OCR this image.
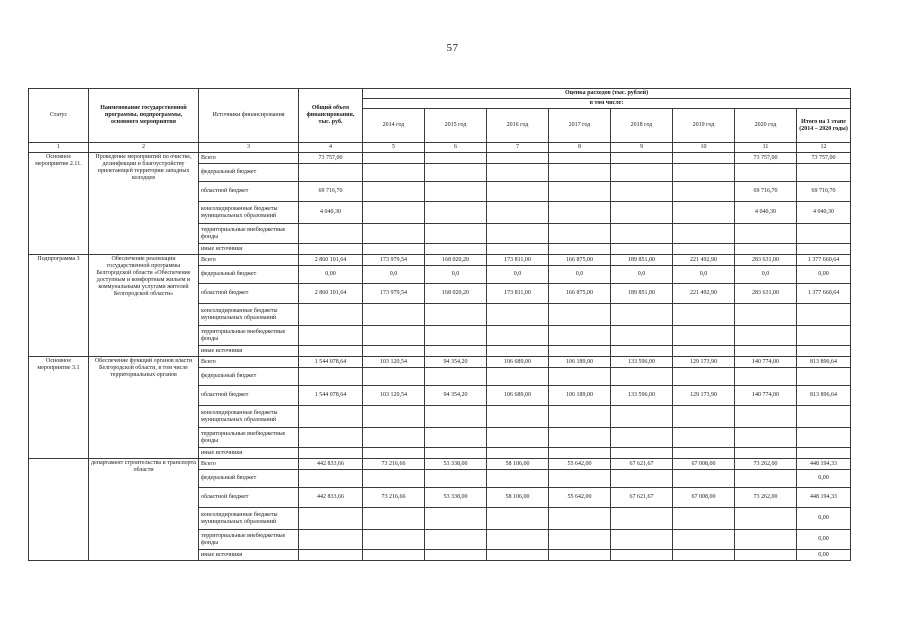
57
Статус	Наименование государственной программы, подпрограммы, основного мероприятия	Источники финансирования	Общий объем финансирования, тыс. руб.	Оценка расходов (тыс. рублей)							
				в том числе:							
				2014 год	2015 год	2016 год	2017 год	2018 год	2019 год	2020 год	Итого на 1 этапе (2014 – 2020 годы)
1	2	3	4	5	6	7	8	9	10	11	12
Основное мероприятие 2.11.	Проведение мероприятий по очистке, дезинфекции и благоустройству прилегающей территории западных колодцев	Всего	73 757,00							73 757,00	73 757,00
		федеральный бюджет									
		областной бюджет	69 716,70							69 716,70	69 716,70
		консолидированные бюджеты муниципальных образований	4 040,30							4 040,30	4 040,30
		территориальные внебюджетные фонды									
		иные источники									
Подпрограмма 3	Обеспечение реализации государственной программы Белгородской области «Обеспечение доступным и комфортным жильем и коммунальными услугами жителей Белгородской области»	Всего	2 860 101,64	173 979,54	168 020,20	173 811,00	166 875,00	189 851,00	221 492,90	283 631,00	1 377 660,64
		федеральный бюджет	0,00	0,0	0,0	0,0	0,0	0,0	0,0	0,0	0,00
		областной бюджет	2 860 101,64	173 979,54	168 020,20	173 811,00	166 875,00	189 851,00	221 492,90	283 631,00	1 377 660,64
		консолидированные бюджеты муниципальных образований									
		территориальные внебюджетные фонды									
		иные источники									
Основное мероприятие 3.1	Обеспечение функций органов власти Белгородской области, в том числе территориальных органов	Всего	1 544 078,64	103 120,54	94 354,20	106 689,00	106 189,00	133 596,00	129 173,90	140 774,00	813 896,64
		федеральный бюджет									
		областной бюджет	1 544 078,64	103 120,54	94 354,20	106 689,00	106 189,00	133 596,00	129 173,90	140 774,00	813 896,64
		консолидированные бюджеты муниципальных образований									
		территориальные внебюджетные фонды									
		иные источники									
	департамент строительства и транспорта области	Всего	442 833,66	73 216,66	53 338,00	58 106,00	55 642,00	67 621,67	67 008,00	73 262,00	448 194,33
		федеральный бюджет									0,00
		областной бюджет	442 833,66	73 216,66	53 338,00	58 106,00	55 642,00	67 621,67	67 008,00	73 262,00	448 194,33
		консолидированные бюджеты муниципальных образований									0,00
		территориальные внебюджетные фонды									0,00
		иные источники									0,00
